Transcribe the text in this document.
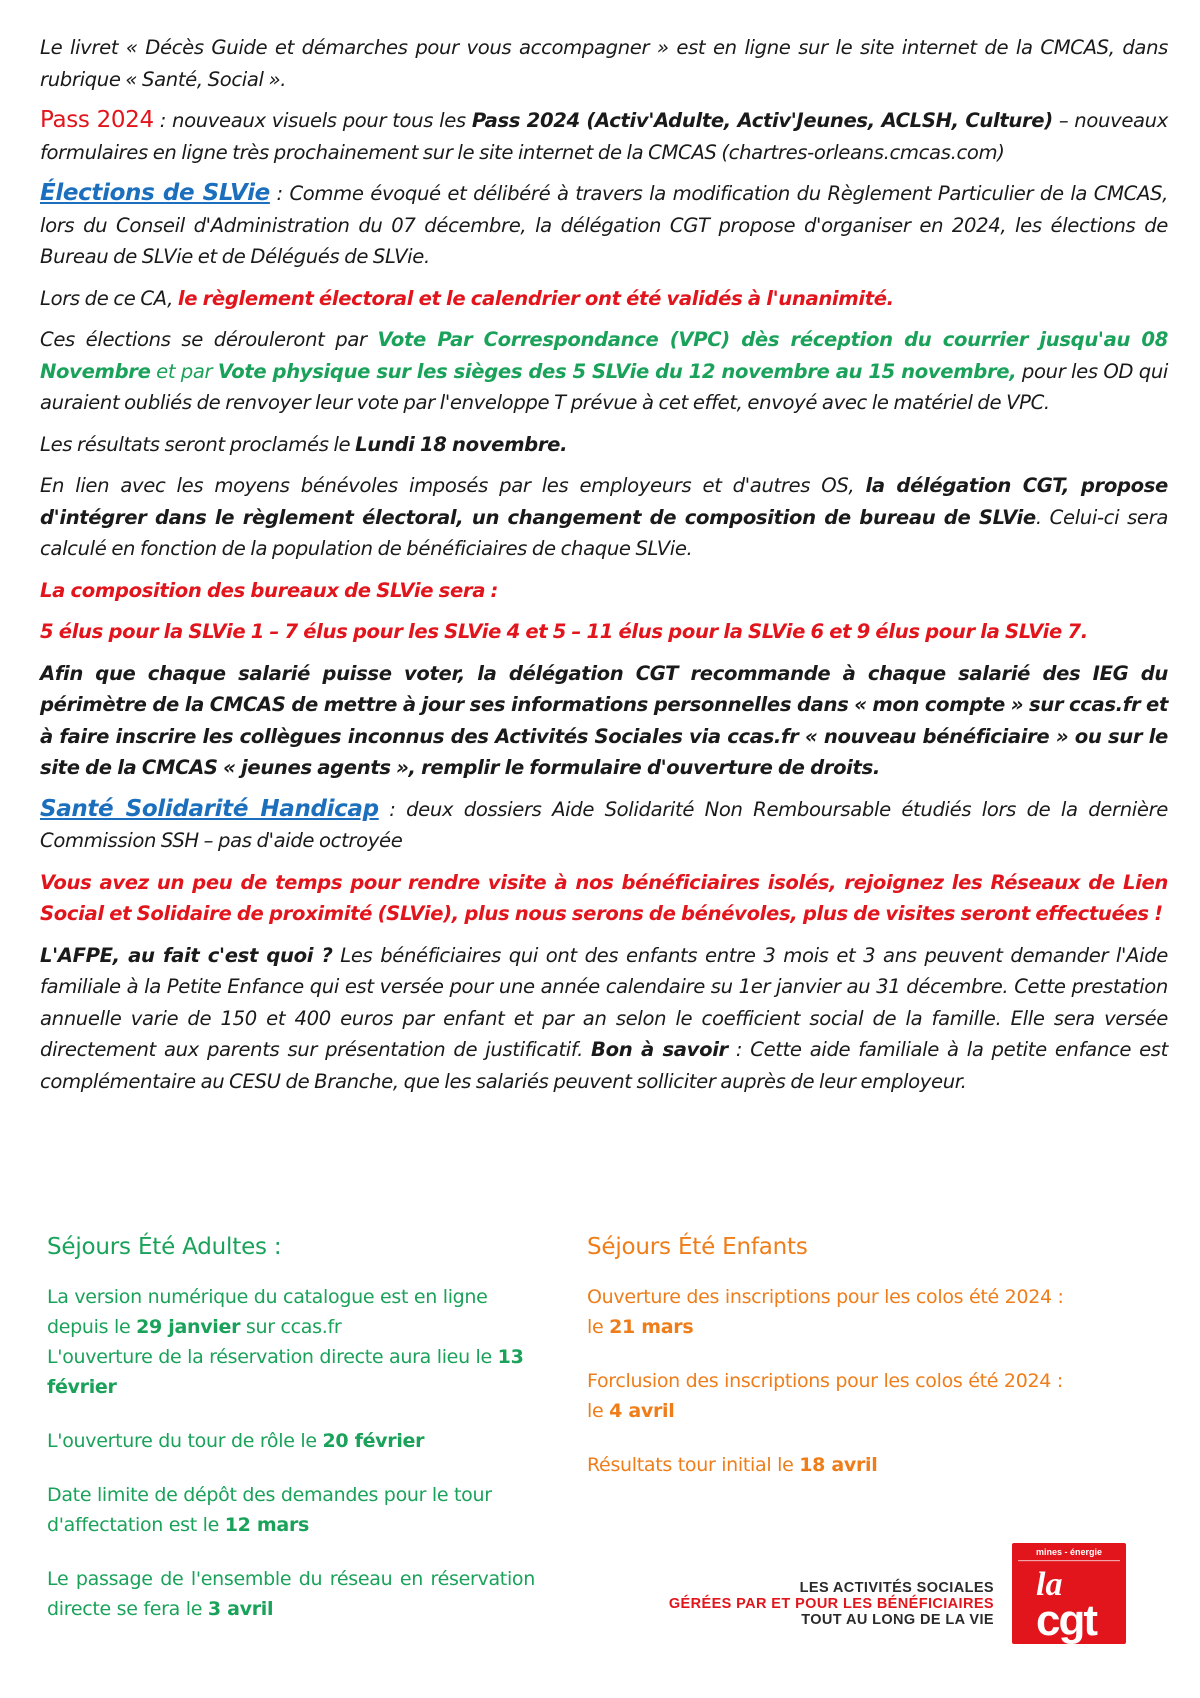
Le livret « Décès Guide et démarches pour vous accompagner » est en ligne sur le site internet de la CMCAS, dans rubrique « Santé, Social ».

Pass 2024 : nouveaux visuels pour tous les Pass 2024 (Activ'Adulte, Activ'Jeunes, ACLSH, Culture) – nouveaux formulaires en ligne très prochainement sur le site internet de la CMCAS (chartres-orleans.cmcas.com)

Élections de SLVie : Comme évoqué et délibéré à travers la modification du Règlement Particulier de la CMCAS, lors du Conseil d'Administration du 07 décembre, la délégation CGT propose d'organiser en 2024, les élections de Bureau de SLVie et de Délégués de SLVie.

Lors de ce CA, le règlement électoral et le calendrier ont été validés à l'unanimité.

Ces élections se dérouleront par Vote Par Correspondance (VPC) dès réception du courrier jusqu'au 08 Novembre et par Vote physique sur les sièges des 5 SLVie du 12 novembre au 15 novembre, pour les OD qui auraient oubliés de renvoyer leur vote par l'enveloppe T prévue à cet effet, envoyé avec le matériel de VPC.

Les résultats seront proclamés le Lundi 18 novembre.

En lien avec les moyens bénévoles imposés par les employeurs et d'autres OS, la délégation CGT, propose d'intégrer dans le règlement électoral, un changement de composition de bureau de SLVie. Celui-ci sera calculé en fonction de la population de bénéficiaires de chaque SLVie.

La composition des bureaux de SLVie sera :

5 élus pour la SLVie 1 – 7 élus pour les SLVie 4 et 5 – 11 élus pour la SLVie 6 et 9 élus pour la SLVie 7.

Afin que chaque salarié puisse voter, la délégation CGT recommande à chaque salarié des IEG du périmètre de la CMCAS de mettre à jour ses informations personnelles dans « mon compte » sur ccas.fr et à faire inscrire les collègues inconnus des Activités Sociales via ccas.fr « nouveau bénéficiaire » ou sur le site de la CMCAS « jeunes agents », remplir le formulaire d'ouverture de droits.

Santé Solidarité Handicap : deux dossiers Aide Solidarité Non Remboursable étudiés lors de la dernière Commission SSH – pas d'aide octroyée

Vous avez un peu de temps pour rendre visite à nos bénéficiaires isolés, rejoignez les Réseaux de Lien Social et Solidaire de proximité (SLVie), plus nous serons de bénévoles, plus de visites seront effectuées !

L'AFPE, au fait c'est quoi ? Les bénéficiaires qui ont des enfants entre 3 mois et 3 ans peuvent demander l'Aide familiale à la Petite Enfance qui est versée pour une année calendaire su 1er janvier au 31 décembre. Cette prestation annuelle varie de 150 et 400 euros par enfant et par an selon le coefficient social de la famille. Elle sera versée directement aux parents sur présentation de justificatif. Bon à savoir : Cette aide familiale à la petite enfance est complémentaire au CESU de Branche, que les salariés peuvent solliciter auprès de leur employeur.

Séjours Été Adultes :

La version numérique du catalogue est en ligne depuis le 29 janvier sur ccas.fr
L'ouverture de la réservation directe aura lieu le 13 février

L'ouverture du tour de rôle le 20 février

Date limite de dépôt des demandes pour le tour d'affectation est le 12 mars

Le passage de l'ensemble du réseau en réservation directe se fera le 3 avril

Séjours Été Enfants

Ouverture des inscriptions pour les colos été 2024 :
le 21 mars

Forclusion des inscriptions pour les colos été 2024 :
le 4 avril

Résultats tour initial le 18 avril

LES ACTIVITÉS SOCIALES
GÉRÉES PAR ET POUR LES BÉNÉFICIAIRES
TOUT AU LONG DE LA VIE
mines - énergie
la
cgt
